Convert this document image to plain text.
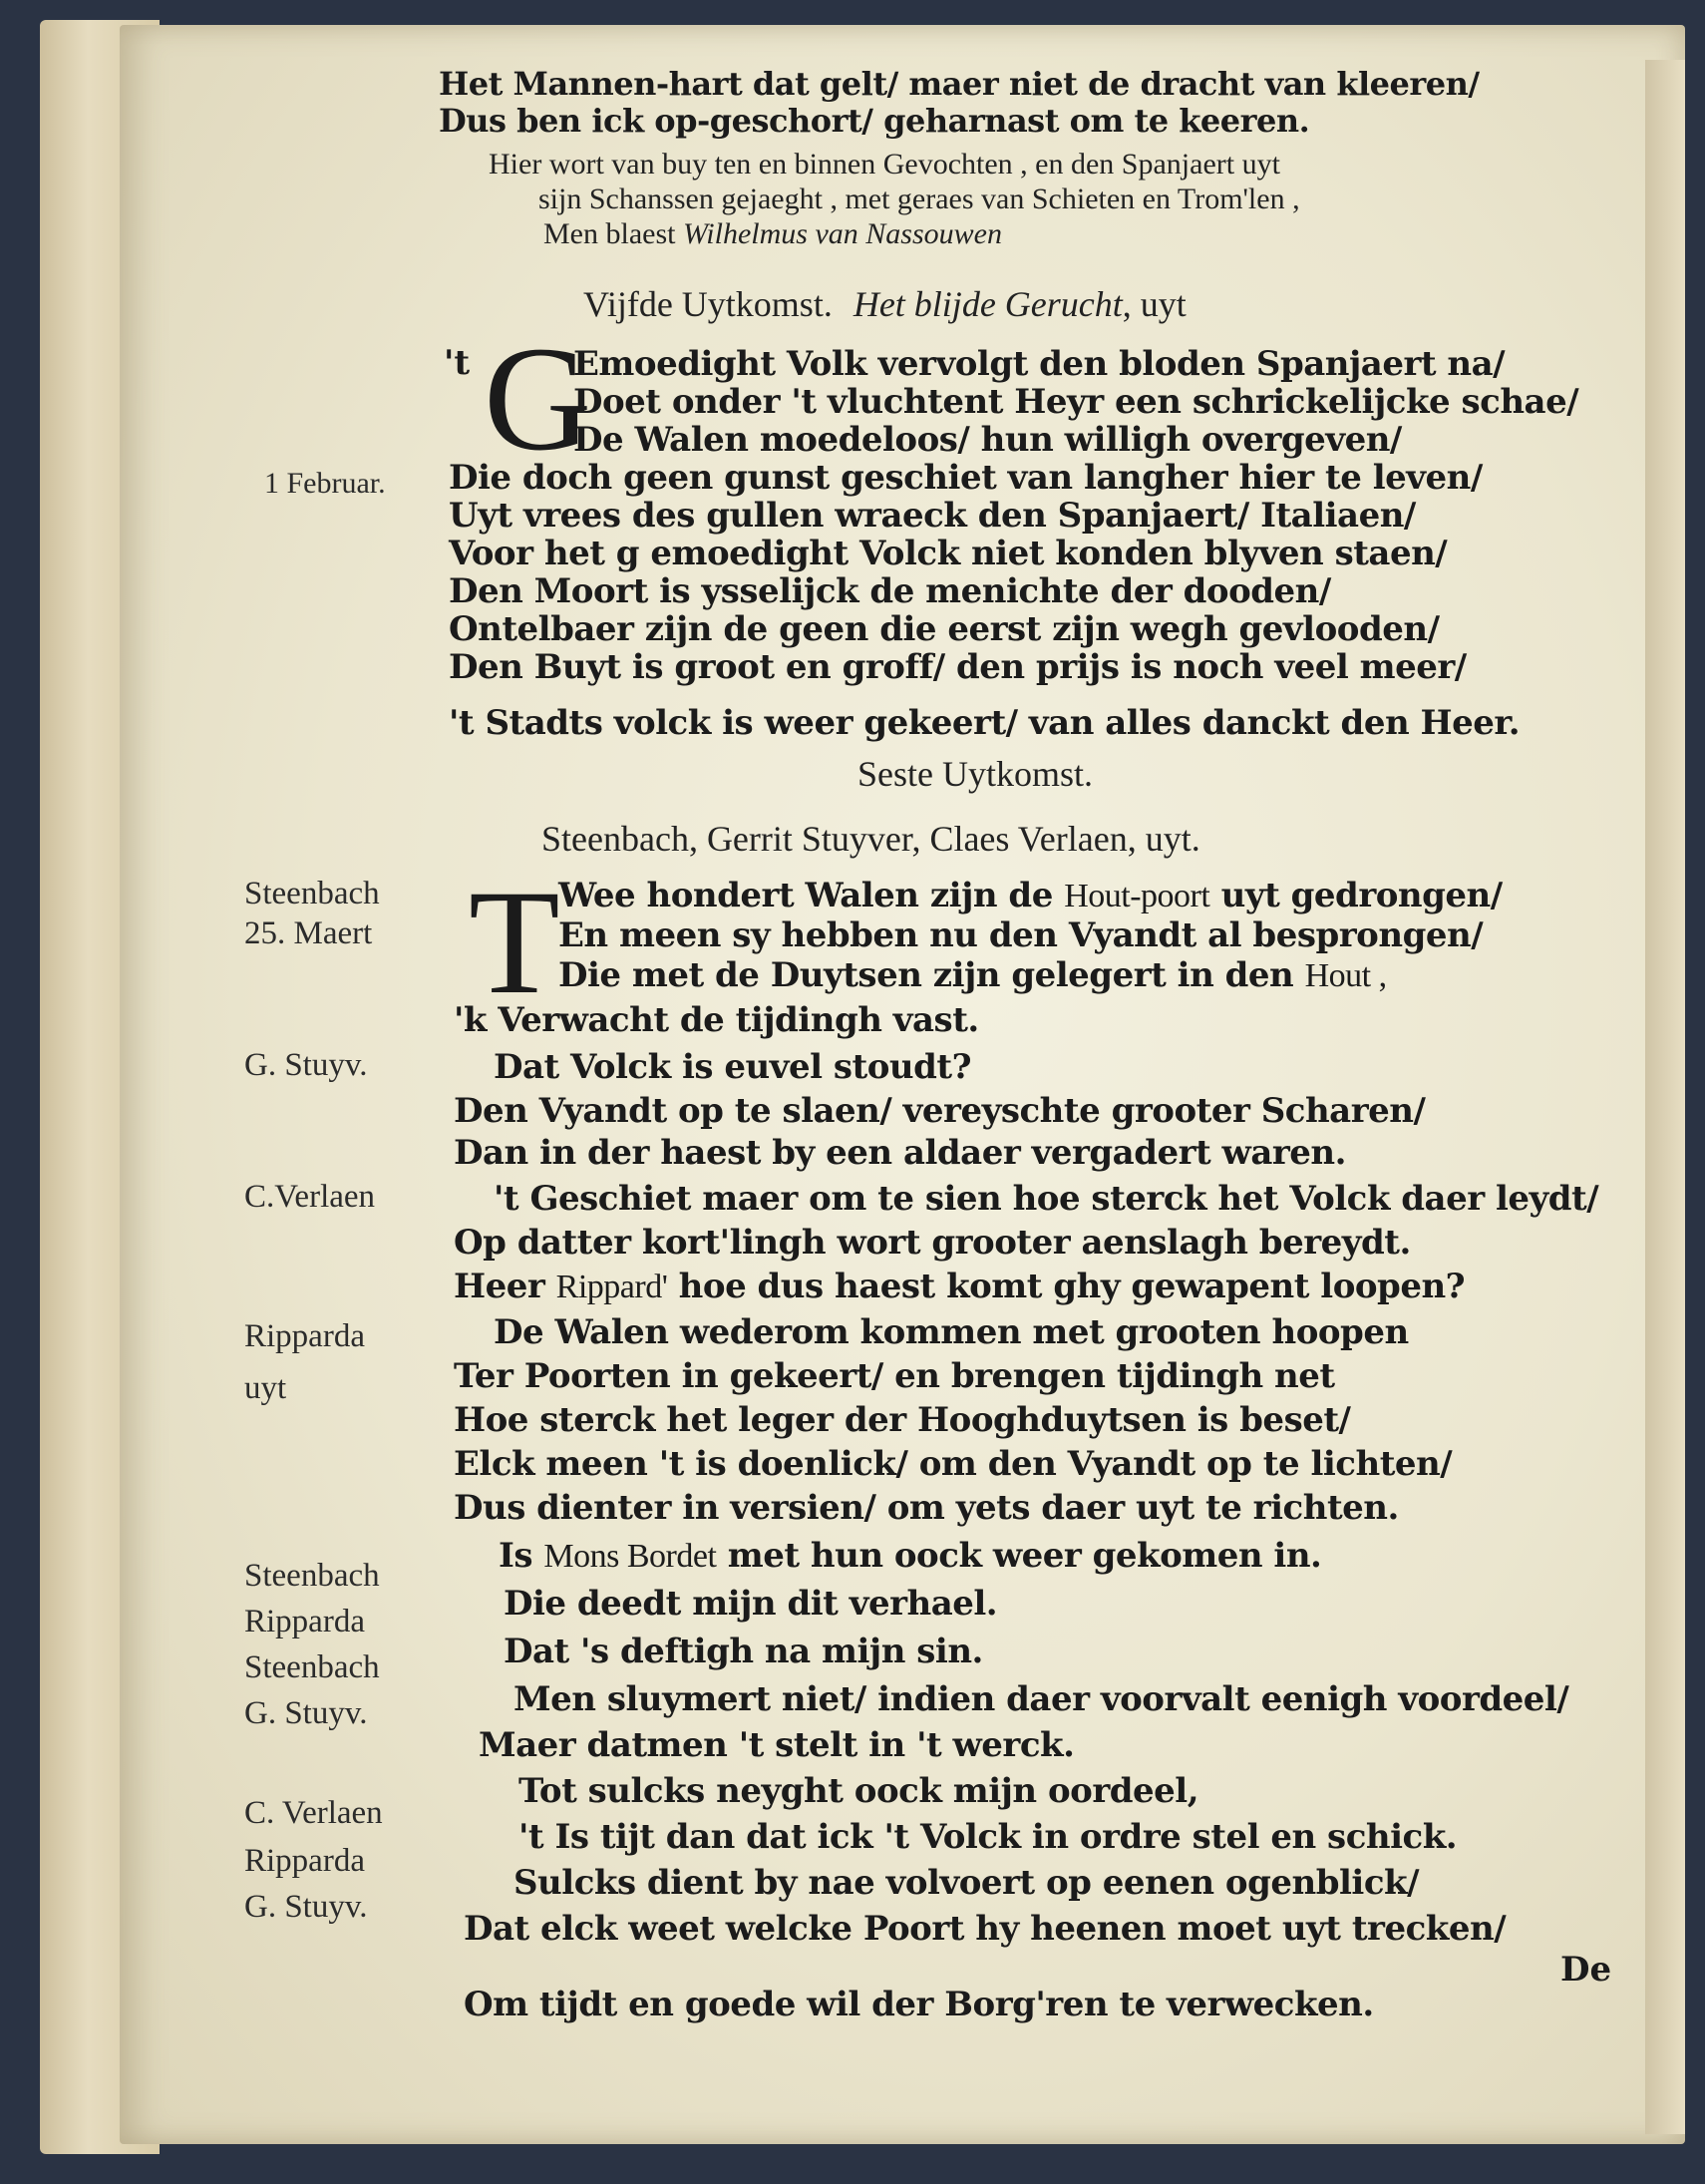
Het Mannen-hart dat gelt/ maer niet de dracht van kleeren/
Dus ben ick op-geschort/ geharnast om te keeren.
Hier wort van buy ten en binnen Gevochten , en den Spanjaert uyt
sijn Schanssen gejaeght , met geraes van Schieten en Trom'len ,
Men blaest Wilhelmus van Nassouwen
Vijfde Uytkomst. Het blijde Gerucht, uyt
't G
Emoedight Volk vervolgt den bloden Spanjaert na/
Doet onder 't vluchtent Heyr een schrickelijcke schae/
De Walen moedeloos/ hun willigh overgeven/
Die doch geen gunst geschiet van langher hier te leven/
Uyt vrees des gullen wraeck den Spanjaert/ Italiaen/
Voor het g emoedight Volck niet konden blyven staen/
Den Moort is ysselijck de menichte der dooden/
Ontelbaer zijn de geen die eerst zijn wegh gevlooden/
Den Buyt is groot en groff/ den prijs is noch veel meer/
't Stadts volck is weer gekeert/ van alles danckt den Heer.
1 Februar.
Seste Uytkomst.
Steenbach, Gerrit Stuyver, Claes Verlaen, uyt.
T
Wee hondert Walen zijn de Hout-poort uyt gedrongen/
En meen sy hebben nu den Vyandt al besprongen/
Die met de Duytsen zijn gelegert in den Hout ,
'k Verwacht de tijdingh vast.
Dat Volck is euvel stoudt?
Den Vyandt op te slaen/ vereyschte grooter Scharen/
Dan in der haest by een aldaer vergadert waren.
't Geschiet maer om te sien hoe sterck het Volck daer leydt/
Op datter kort'lingh wort grooter aenslagh bereydt.
Heer Rippard' hoe dus haest komt ghy gewapent loopen?
De Walen wederom kommen met grooten hoopen
Ter Poorten in gekeert/ en brengen tijdingh net
Hoe sterck het leger der Hooghduytsen is beset/
Elck meen 't is doenlick/ om den Vyandt op te lichten/
Dus dienter in versien/ om yets daer uyt te richten.
Is Mons Bordet met hun oock weer gekomen in.
Die deedt mijn dit verhael.
Dat 's deftigh na mijn sin.
Men sluymert niet/ indien daer voorvalt eenigh voordeel/
Maer datmen 't stelt in 't werck.
Tot sulcks neyght oock mijn oordeel,
't Is tijt dan dat ick 't Volck in ordre stel en schick.
Sulcks dient by nae volvoert op eenen ogenblick/
Dat elck weet welcke Poort hy heenen moet uyt trecken/
Om tijdt en goede wil der Borg'ren te verwecken.
De
Steenbach
25. Maert
G. Stuyv.
C.Verlaen
Ripparda
uyt
Steenbach
Ripparda
Steenbach
G. Stuyv.
C. Verlaen
Ripparda
G. Stuyv.
